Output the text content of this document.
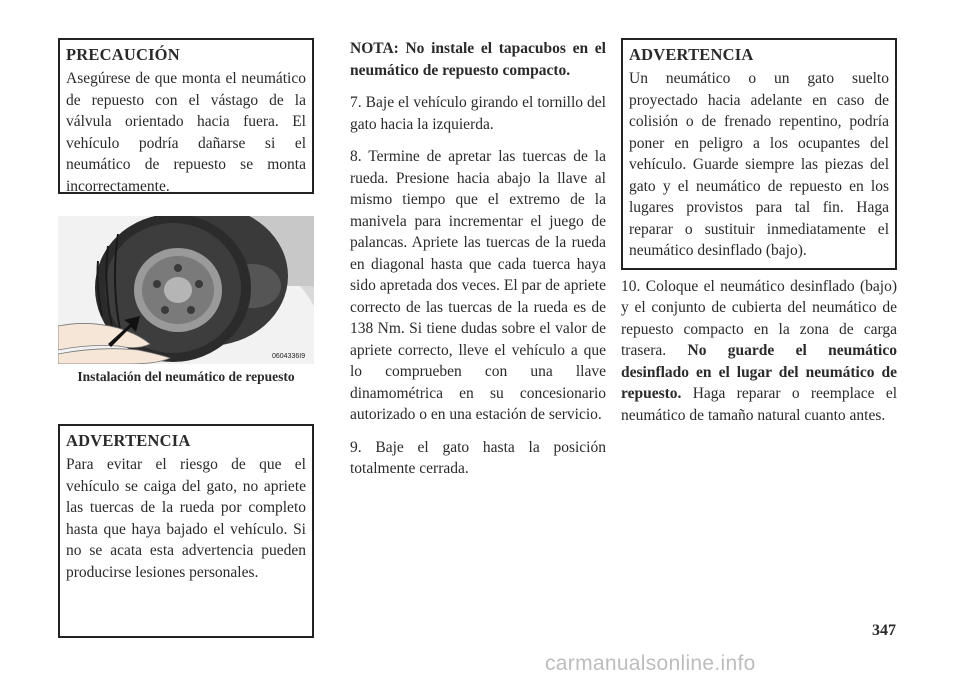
PRECAUCIÓN
Asegúrese de que monta el neumático de repuesto con el vástago de la válvula orientado hacia fuera. El vehículo podría dañarse si el neumático de repuesto se monta incorrectamente.
0604336I9
Instalación del neumático de repuesto
ADVERTENCIA
Para evitar el riesgo de que el vehículo se caiga del gato, no apriete las tuercas de la rueda por completo hasta que haya bajado el vehículo. Si no se acata esta advertencia pueden producirse lesiones personales.

NOTA: No instale el tapacubos en el neumático de repuesto compacto.

7. Baje el vehículo girando el tornillo del gato hacia la izquierda.

8. Termine de apretar las tuercas de la rueda. Presione hacia abajo la llave al mismo tiempo que el extremo de la manivela para incrementar el juego de palancas. Apriete las tuercas de la rueda en diagonal hasta que cada tuerca haya sido apretada dos veces. El par de apriete correcto de las tuercas de la rueda es de 138 Nm. Si tiene dudas sobre el valor de apriete correcto, lleve el vehículo a que lo comprueben con una llave dinamométrica en su concesionario autorizado o en una estación de servicio.

9. Baje el gato hasta la posición totalmente cerrada.

ADVERTENCIA
Un neumático o un gato suelto proyectado hacia adelante en caso de colisión o de frenado repentino, podría poner en peligro a los ocupantes del vehículo. Guarde siempre las piezas del gato y el neumático de repuesto en los lugares provistos para tal fin. Haga reparar o sustituir inmediatamente el neumático desinflado (bajo).

10. Coloque el neumático desinflado (bajo) y el conjunto de cubierta del neumático de repuesto compacto en la zona de carga trasera. No guarde el neumático desinflado en el lugar del neumático de repuesto. Haga reparar o reemplace el neumático de tamaño natural cuanto antes.

347
carmanualsonline.info
